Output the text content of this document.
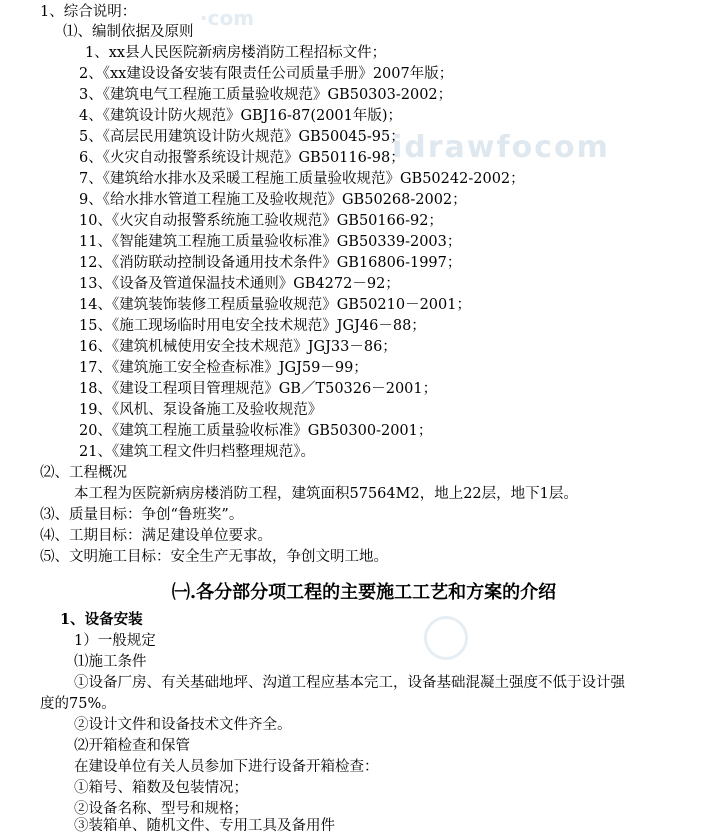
·com
idrawfocom
1、综合说明：
⑴、编制依据及原则
1、xx县人民医院新病房楼消防工程招标文件；
2、《xx建设设备安装有限责任公司质量手册》2007年版；
3、《建筑电气工程施工质量验收规范》GB50303-2002；
4、《建筑设计防火规范》GBJ16-87(2001年版)；
5、《高层民用建筑设计防火规范》GB50045-95；
6、《火灾自动报警系统设计规范》GB50116-98；
7、《建筑给水排水及采暖工程施工质量验收规范》GB50242-2002；
9、《给水排水管道工程施工及验收规范》GB50268-2002；
10、《火灾自动报警系统施工验收规范》GB50166-92；
11、《智能建筑工程施工质量验收标准》GB50339-2003；
12、《消防联动控制设备通用技术条件》GB16806-1997；
13、《设备及管道保温技术通则》GB4272－92；
14、《建筑装饰装修工程质量验收规范》GB50210－2001；
15、《施工现场临时用电安全技术规范》JGJ46－88；
16、《建筑机械使用安全技术规范》JGJ33－86；
17、《建筑施工安全检查标准》JGJ59－99；
18、《建设工程项目管理规范》GB／T50326－2001；
19、《风机、泵设备施工及验收规范》
20、《建筑工程施工质量验收标准》GB50300-2001；
21、《建筑工程文件归档整理规范》。
⑵、工程概况
本工程为医院新病房楼消防工程，建筑面积57564M2，地上22层，地下1层。
⑶、质量目标：争创“鲁班奖”。
⑷、工期目标：满足建设单位要求。
⑸、文明施工目标：安全生产无事故，争创文明工地。
㈠.各分部分项工程的主要施工工艺和方案的介绍
1、设备安装
1）一般规定
⑴施工条件
①设备厂房、有关基础地坪、沟道工程应基本完工，设备基础混凝土强度不低于设计强
度的75%。
②设计文件和设备技术文件齐全。
⑵开箱检查和保管
在建设单位有关人员参加下进行设备开箱检查：
①箱号、箱数及包装情况；
②设备名称、型号和规格；
③装箱单、随机文件、专用工具及备用件
